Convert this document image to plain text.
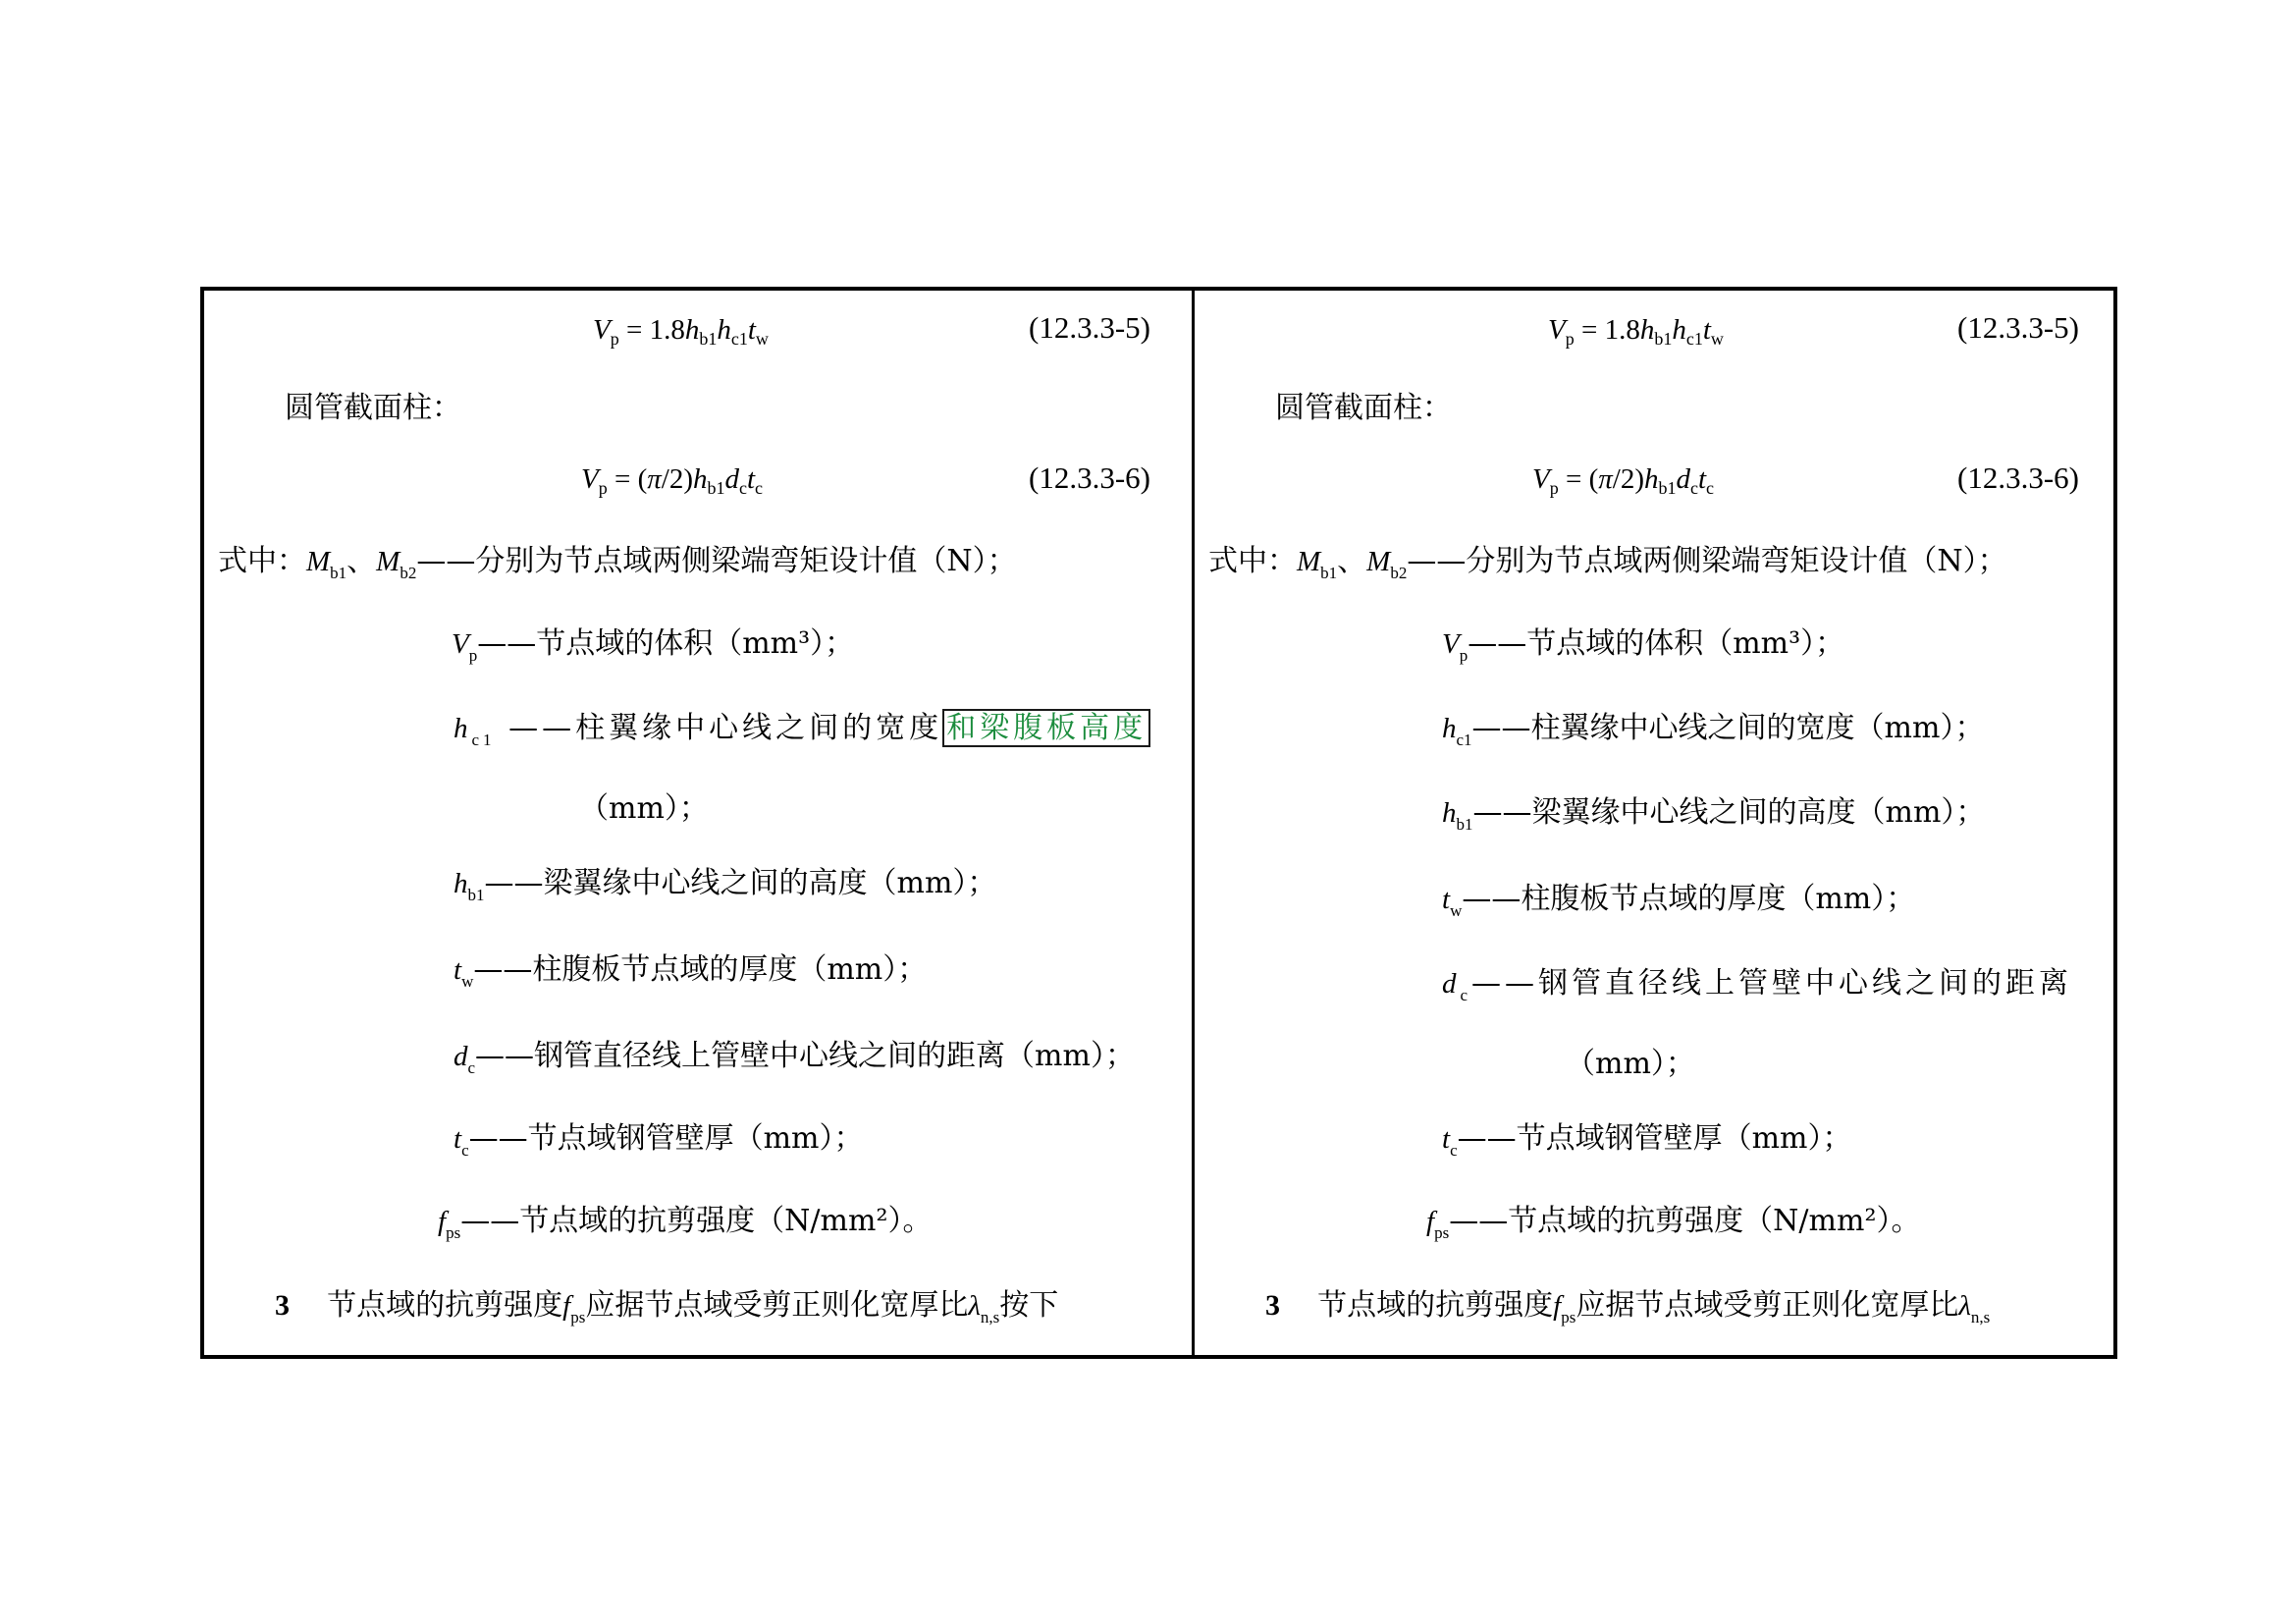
$V_p = 1.8h_{b1}h_{c1}t_w$	(12.3.3-5)
圆管截面柱：
$V_p = (\pi/2)h_{b1}d_ct_c$	(12.3.3-6)
式中：$M_{b1}$、$M_{b2}——$分别为节点域两侧梁端弯矩设计值（N）；
$V_p——$节点域的体积（mm³）；
$h_{c1}$ ——柱翼缘中心线之间的宽度 和梁腹板高度
（mm）；
$h_{b1}——$梁翼缘中心线之间的高度（mm）；
$t_w——$柱腹板节点域的厚度（mm）；
$d_c——$钢管直径线上管壁中心线之间的距离（mm）；
$t_c——$节点域钢管壁厚（mm）；
$f_{ps}——$节点域的抗剪强度（N/mm²）。
3 节点域的抗剪强度$f_{ps}$应据节点域受剪正则化宽厚比$\lambda_{n,s}$按下
$V_p = 1.8h_{b1}h_{c1}t_w$	(12.3.3-5)
圆管截面柱：
$V_p = (\pi/2)h_{b1}d_ct_c$	(12.3.3-6)
式中：$M_{b1}$、$M_{b2}——$分别为节点域两侧梁端弯矩设计值（N）；
$V_p——$节点域的体积（mm³）；
$h_{c1}——$柱翼缘中心线之间的宽度（mm）；
$h_{b1}——$梁翼缘中心线之间的高度（mm）；
$t_w——$柱腹板节点域的厚度（mm）；
$d_c——$钢管直径线上管壁中心线之间的距离
（mm）；
$t_c——$节点域钢管壁厚（mm）；
$f_{ps}——$节点域的抗剪强度（N/mm²）。
3 节点域的抗剪强度$f_{ps}$应据节点域受剪正则化宽厚比$\lambda_{n,s}$
